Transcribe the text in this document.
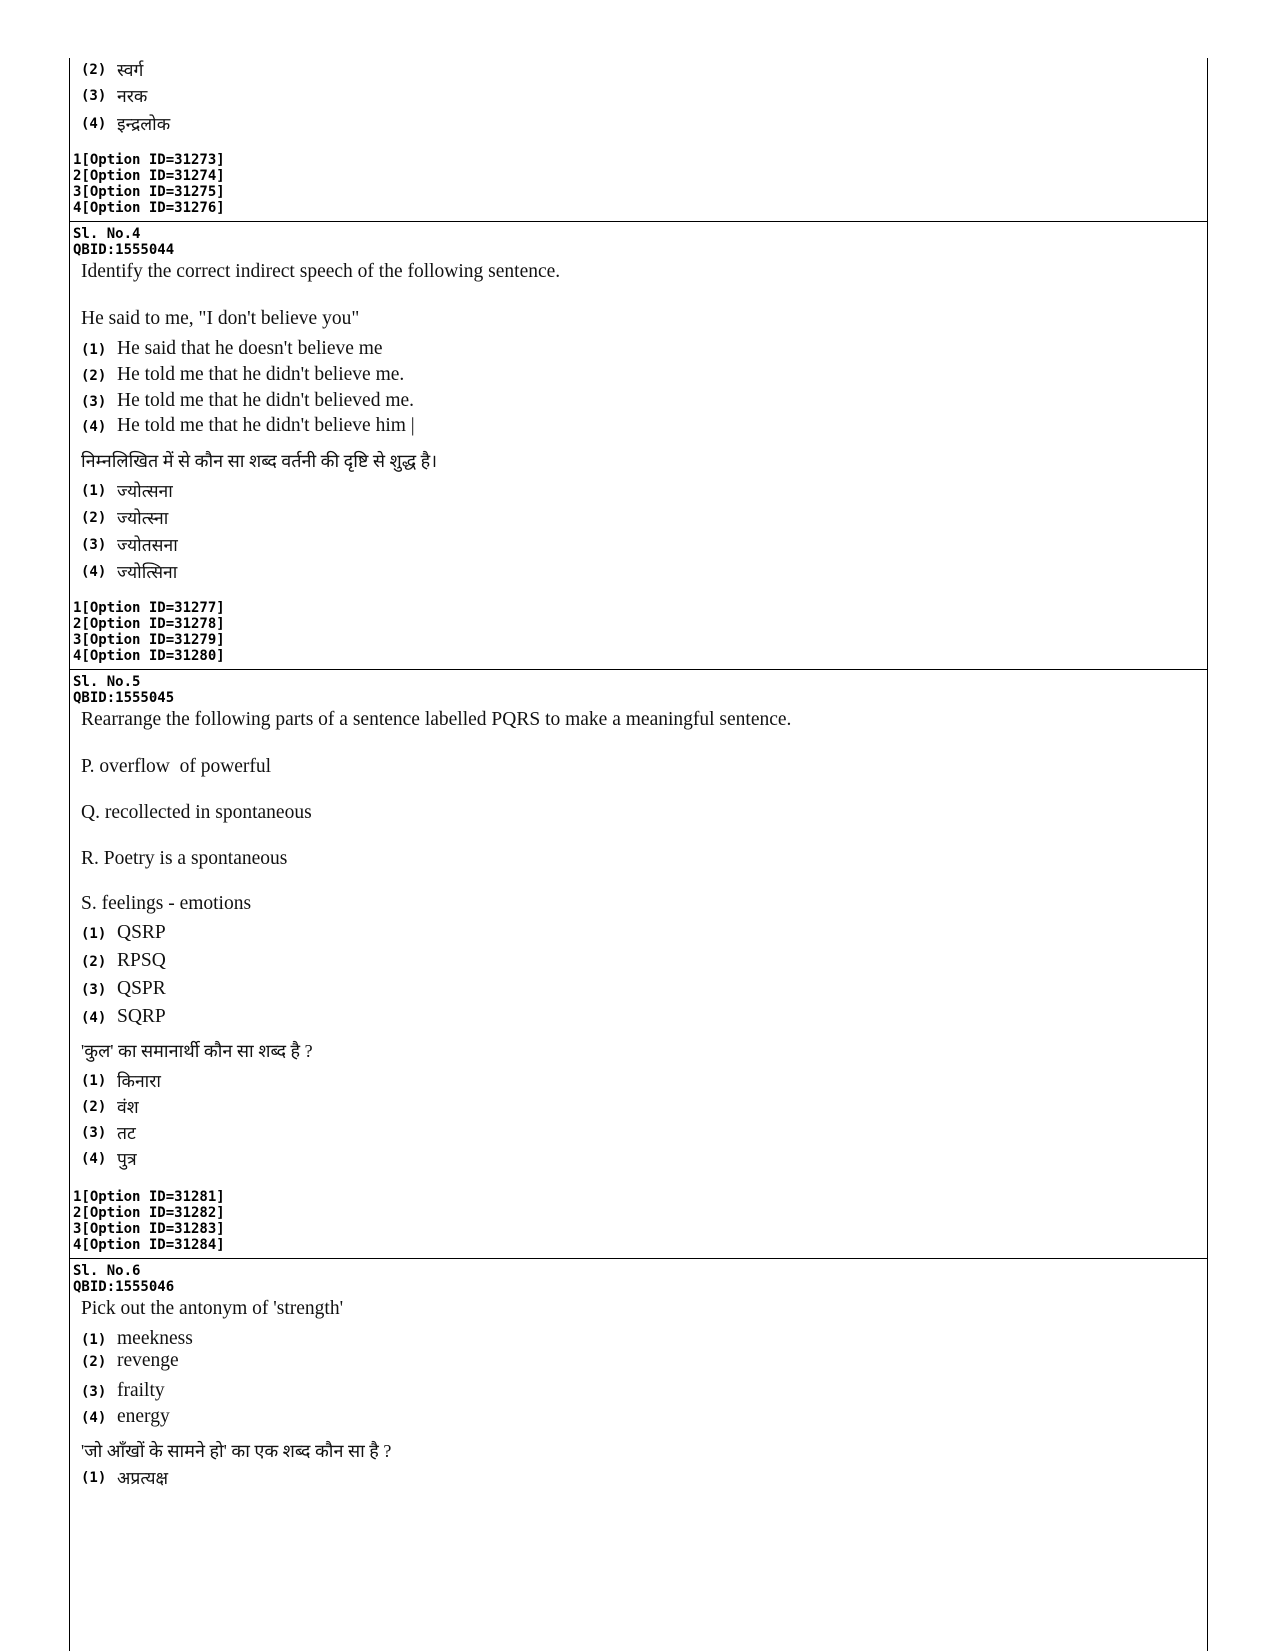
(2) स्वर्ग
(3) नरक
(4) इन्द्रलोक
1[Option ID=31273]
2[Option ID=31274]
3[Option ID=31275]
4[Option ID=31276]
Sl. No.4
QBID:1555044
Identify the correct indirect speech of the following sentence.
He said to me, "I don't believe you"
(1) He said that he doesn't believe me
(2) He told me that he didn't believe me.
(3) He told me that he didn't believed me.
(4) He told me that he didn't believe him |
निम्नलिखित में से कौन सा शब्द वर्तनी की दृष्टि से शुद्ध है।
(1) ज्योत्सना
(2) ज्योत्स्ना
(3) ज्योतसना
(4) ज्योत्सिना
1[Option ID=31277]
2[Option ID=31278]
3[Option ID=31279]
4[Option ID=31280]
Sl. No.5
QBID:1555045
Rearrange the following parts of a sentence labelled PQRS to make a meaningful sentence.
P. overflow  of powerful
Q. recollected in spontaneous
R. Poetry is a spontaneous
S. feelings - emotions
(1) QSRP
(2) RPSQ
(3) QSPR
(4) SQRP
'कुल' का समानार्थी कौन सा शब्द है ?
(1) किनारा
(2) वंश
(3) तट
(4) पुत्र
1[Option ID=31281]
2[Option ID=31282]
3[Option ID=31283]
4[Option ID=31284]
Sl. No.6
QBID:1555046
Pick out the antonym of 'strength'
(1) meekness
(2) revenge
(3) frailty
(4) energy
'जो आँखों के सामने हो' का एक शब्द कौन सा है ?
(1) अप्रत्यक्ष
